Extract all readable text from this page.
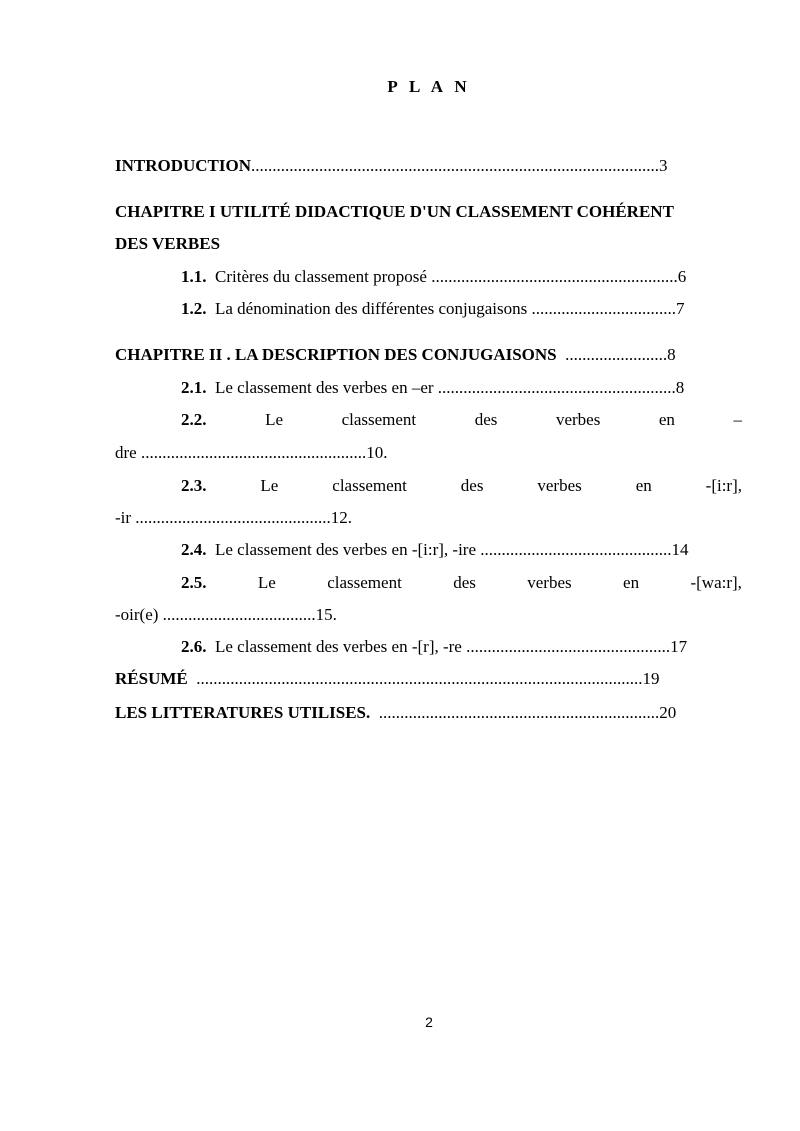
P L A N
INTRODUCTION................................................................................................3
CHAPITRE I UTILITÉ DIDACTIQUE D'UN CLASSEMENT COHÉRENT
DES VERBES
1.1. Critères du classement proposé ..........................................................6
1.2. La dénomination des différentes conjugaisons ..................................7
CHAPITRE II . LA DESCRIPTION DES CONJUGAISONS  ........................8
2.1. Le classement des verbes en –er ........................................................8
2.2.	Le	classement	des	verbes	en	–
dre .....................................................10.
2.3.	Le	classement	des	verbes	en	-[i:r],
-ir ..............................................12.
2.4. Le classement des verbes en -[i:r], -ire .............................................14
2.5.	Le	classement	des	verbes	en	-[wa:r],
-oir(e) ....................................15.
2.6. Le classement des verbes en -[r], -re ................................................17
RÉSUMÉ  .........................................................................................................19
LES LITTERATURES UTILISES.  ..................................................................20
2
